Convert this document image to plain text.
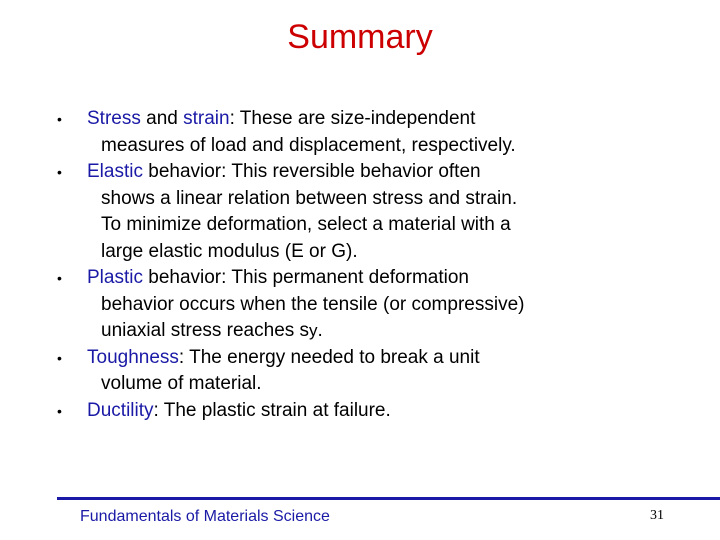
Summary
• Stress and strain: These are size-independent
measures of load and displacement, respectively.
• Elastic behavior: This reversible behavior often
shows a linear relation between stress and strain.
To minimize deformation, select a material with a
large elastic modulus (E or G).
• Plastic behavior: This permanent deformation
behavior occurs when the tensile (or compressive)
uniaxial stress reaches sy.
• Toughness: The energy needed to break a unit
volume of material.
• Ductility: The plastic strain at failure.
Fundamentals of Materials Science	31
